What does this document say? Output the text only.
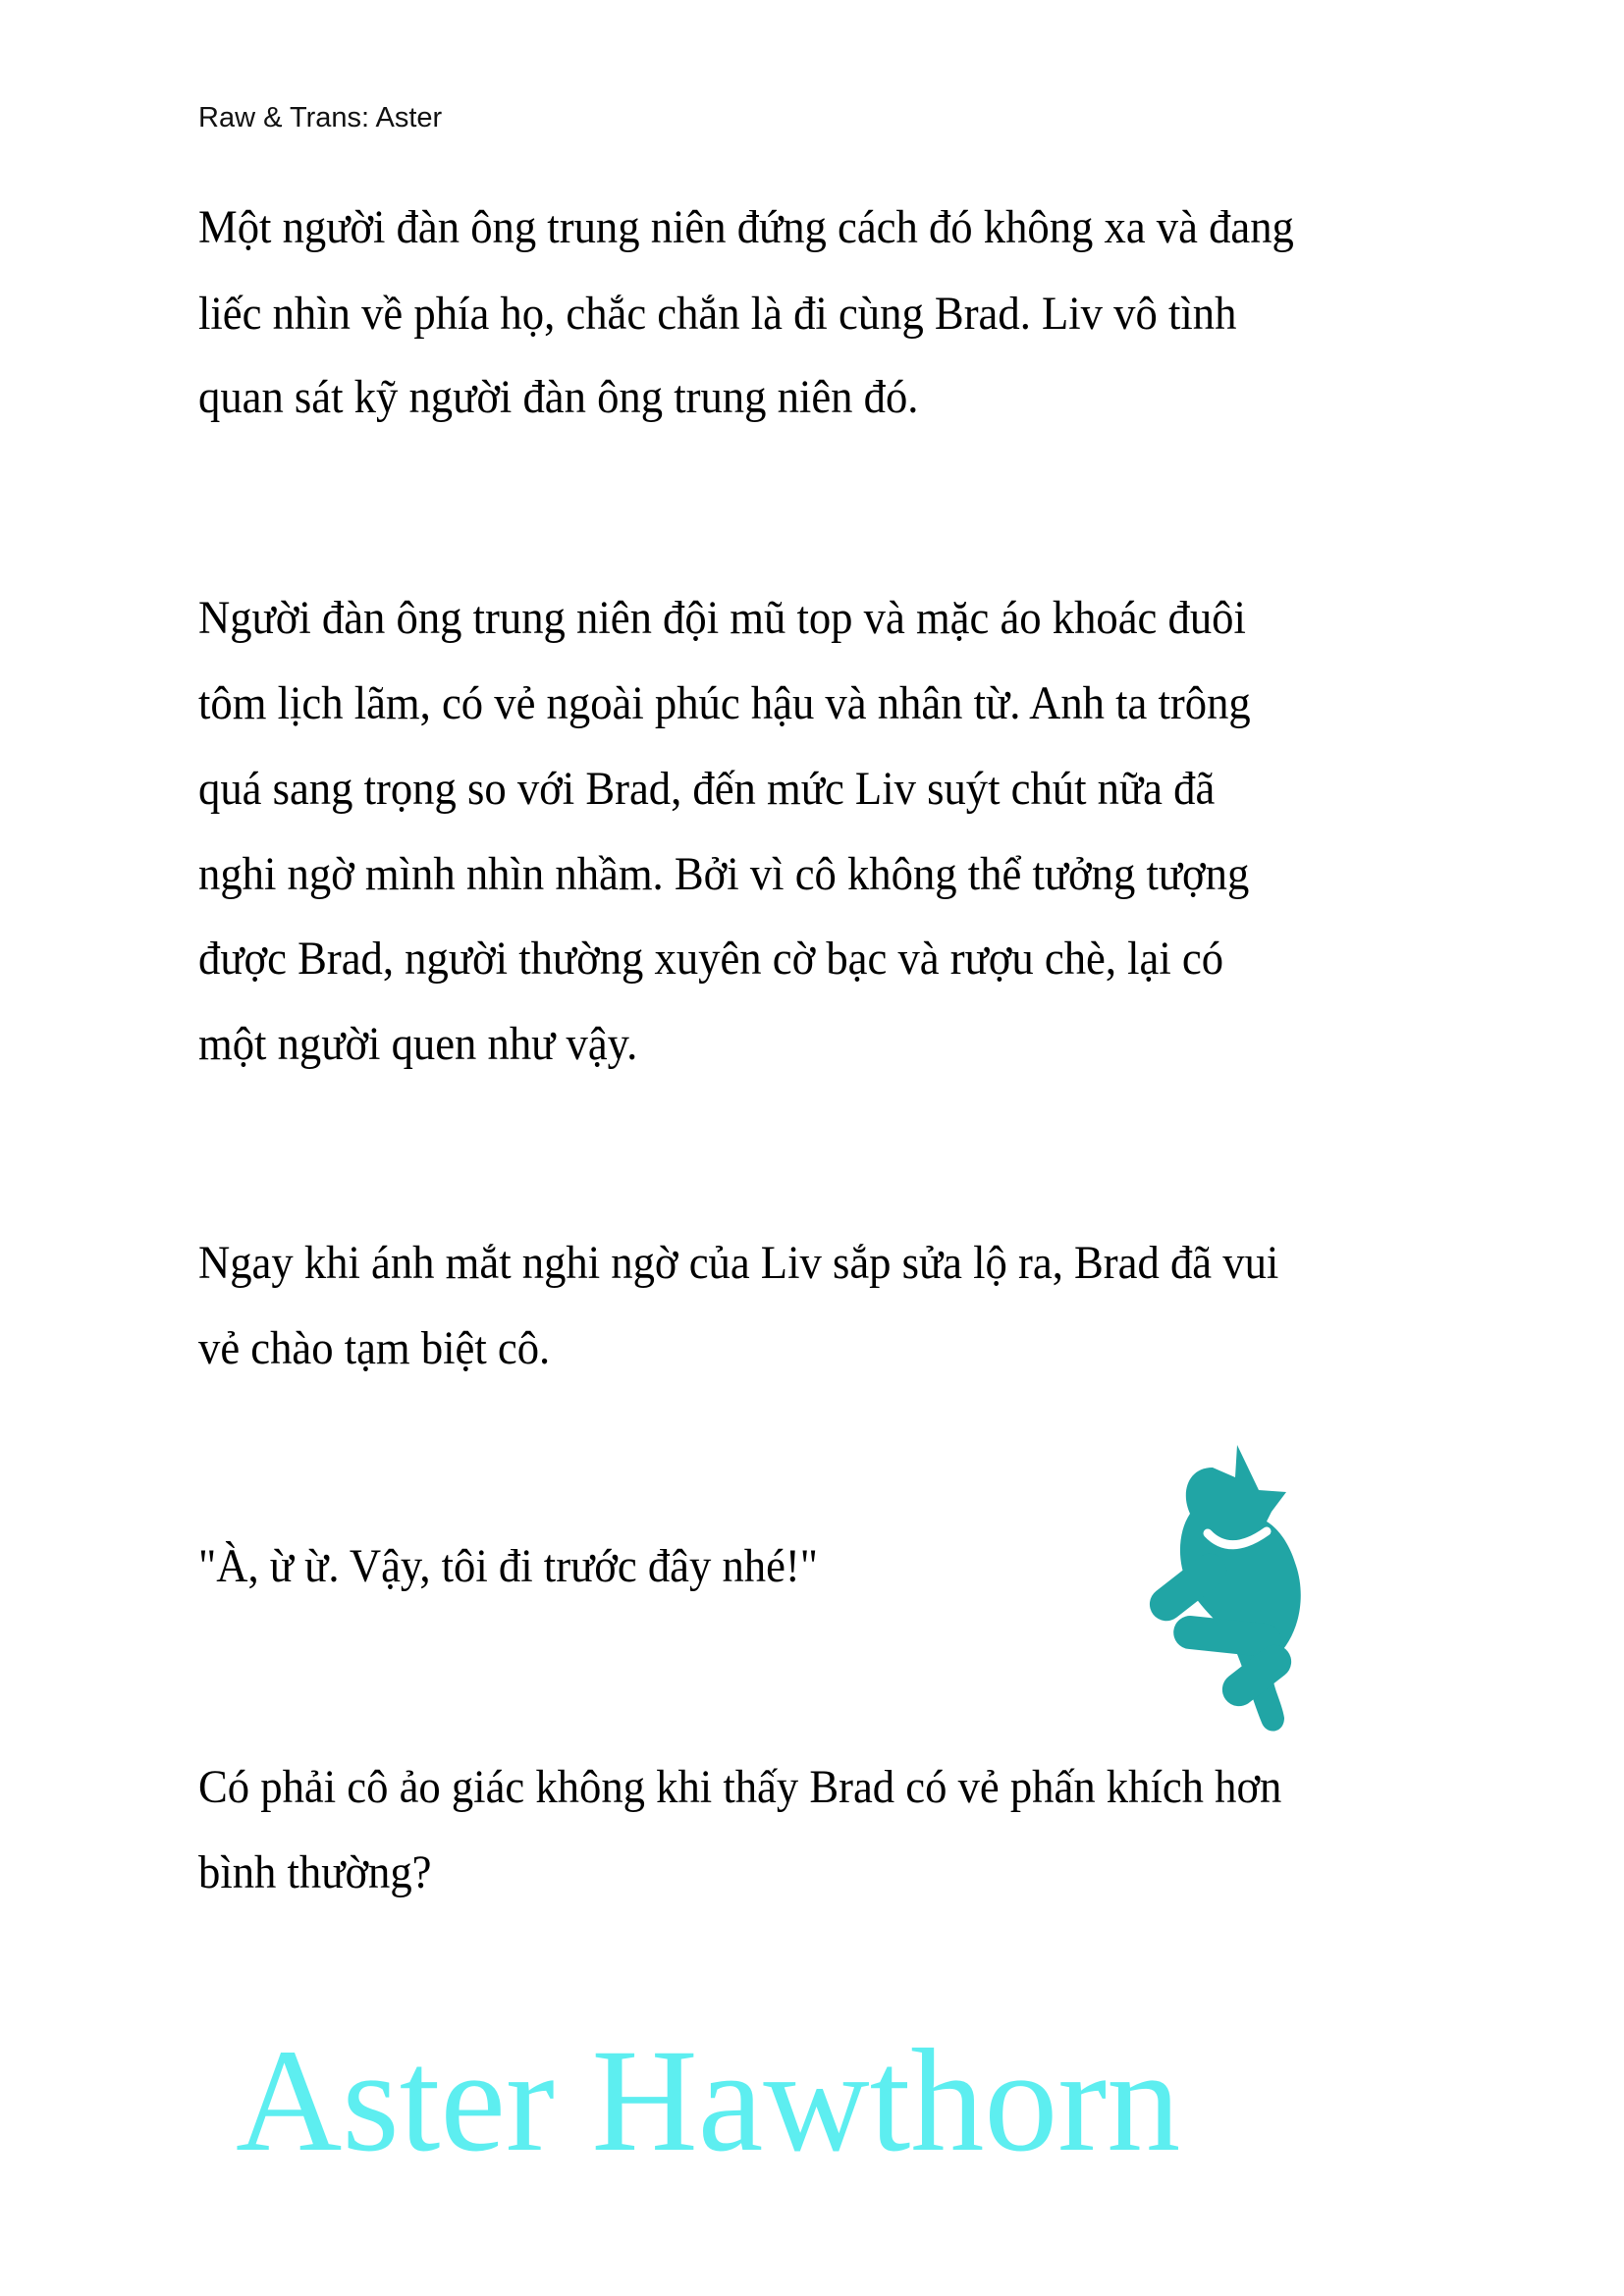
Raw & Trans: Aster
Một người đàn ông trung niên đứng cách đó không xa và đang
liếc nhìn về phía họ, chắc chắn là đi cùng Brad. Liv vô tình
quan sát kỹ người đàn ông trung niên đó.
Người đàn ông trung niên đội mũ top và mặc áo khoác đuôi
tôm lịch lãm, có vẻ ngoài phúc hậu và nhân từ. Anh ta trông
quá sang trọng so với Brad, đến mức Liv suýt chút nữa đã
nghi ngờ mình nhìn nhầm. Bởi vì cô không thể tưởng tượng
được Brad, người thường xuyên cờ bạc và rượu chè, lại có
một người quen như vậy.
Ngay khi ánh mắt nghi ngờ của Liv sắp sửa lộ ra, Brad đã vui
vẻ chào tạm biệt cô.
"À, ừ ừ. Vậy, tôi đi trước đây nhé!"
Có phải cô ảo giác không khi thấy Brad có vẻ phấn khích hơn
bình thường?
Aster Hawthorn
